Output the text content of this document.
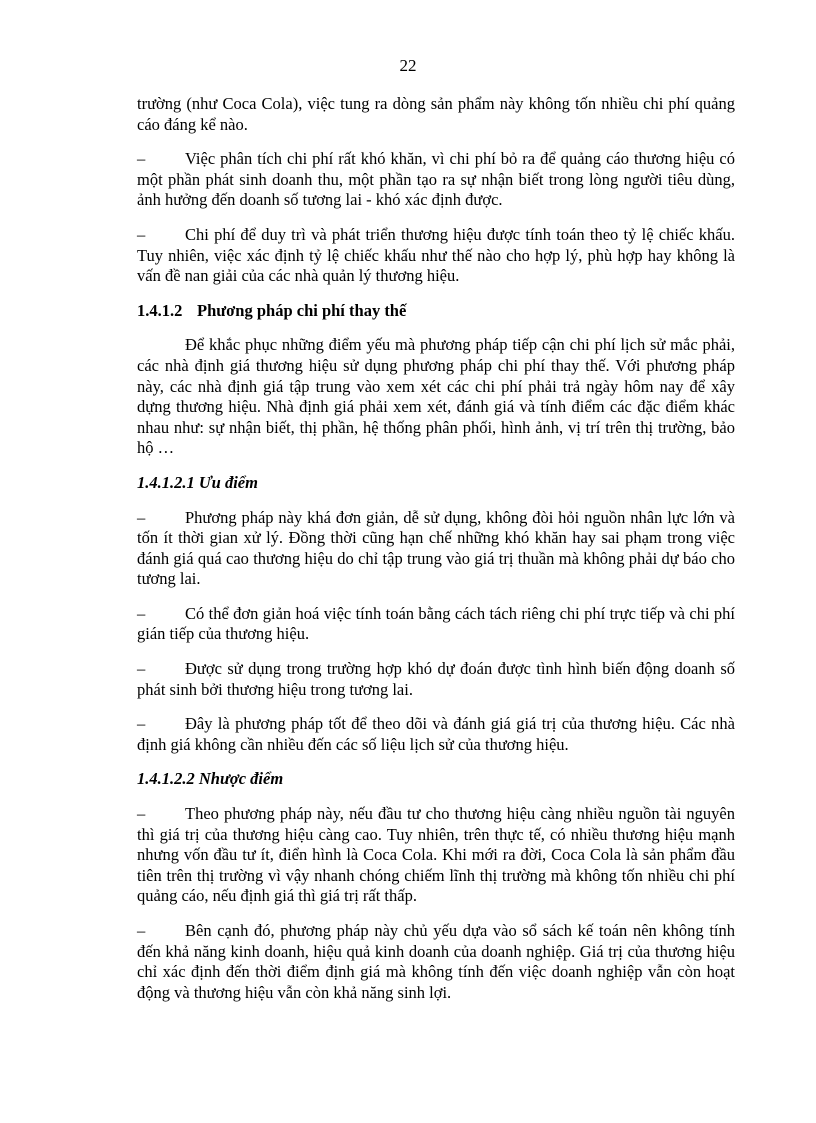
22

trường (như Coca Cola), việc tung ra dòng sản phẩm này không tốn nhiều chi phí quảng cáo đáng kể nào.

– Việc phân tích chi phí rất khó khăn, vì chi phí bỏ ra để quảng cáo thương hiệu có một phần phát sinh doanh thu, một phần tạo ra sự nhận biết trong lòng người tiêu dùng, ảnh hưởng đến doanh số tương lai - khó xác định được.

– Chi phí để duy trì và phát triển thương hiệu được tính toán theo tỷ lệ chiếc khấu. Tuy nhiên, việc xác định tỷ lệ chiếc khấu như thế nào cho hợp lý, phù hợp hay không là vấn đề nan giải của các nhà quản lý thương hiệu.

1.4.1.2 Phương pháp chi phí thay thế

Để khắc phục những điểm yếu mà phương pháp tiếp cận chi phí lịch sử mắc phải, các nhà định giá thương hiệu sử dụng phương pháp chi phí thay thế. Với phương pháp này, các nhà định giá tập trung vào xem xét các chi phí phải trả ngày hôm nay để xây dựng thương hiệu. Nhà định giá phải xem xét, đánh giá và tính điểm các đặc điểm khác nhau như: sự nhận biết, thị phần, hệ thống phân phối, hình ảnh, vị trí trên thị trường, bảo hộ …

1.4.1.2.1 Ưu điểm

– Phương pháp này khá đơn giản, dễ sử dụng, không đòi hỏi nguồn nhân lực lớn và tốn ít thời gian xử lý. Đồng thời cũng hạn chế những khó khăn hay sai phạm trong việc đánh giá quá cao thương hiệu do chỉ tập trung vào giá trị thuần mà không phải dự báo cho tương lai.

– Có thể đơn giản hoá việc tính toán bằng cách tách riêng chi phí trực tiếp và chi phí gián tiếp của thương hiệu.

– Được sử dụng trong trường hợp khó dự đoán được tình hình biến động doanh số phát sinh bởi thương hiệu trong tương lai.

– Đây là phương pháp tốt để theo dõi và đánh giá giá trị của thương hiệu. Các nhà định giá không cần nhiều đến các số liệu lịch sử của thương hiệu.

1.4.1.2.2 Nhược điểm

– Theo phương pháp này, nếu đầu tư cho thương hiệu càng nhiều nguồn tài nguyên thì giá trị của thương hiệu càng cao. Tuy nhiên, trên thực tế, có nhiều thương hiệu mạnh nhưng vốn đầu tư ít, điển hình là Coca Cola. Khi mới ra đời, Coca Cola là sản phẩm đầu tiên trên thị trường vì vậy nhanh chóng chiếm lĩnh thị trường mà không tốn nhiều chi phí quảng cáo, nếu định giá thì giá trị rất thấp.

– Bên cạnh đó, phương pháp này chủ yếu dựa vào sổ sách kế toán nên không tính đến khả năng kinh doanh, hiệu quả kinh doanh của doanh nghiệp. Giá trị của thương hiệu chỉ xác định đến thời điểm định giá mà không tính đến việc doanh nghiệp vẫn còn hoạt động và thương hiệu vẫn còn khả năng sinh lợi.
